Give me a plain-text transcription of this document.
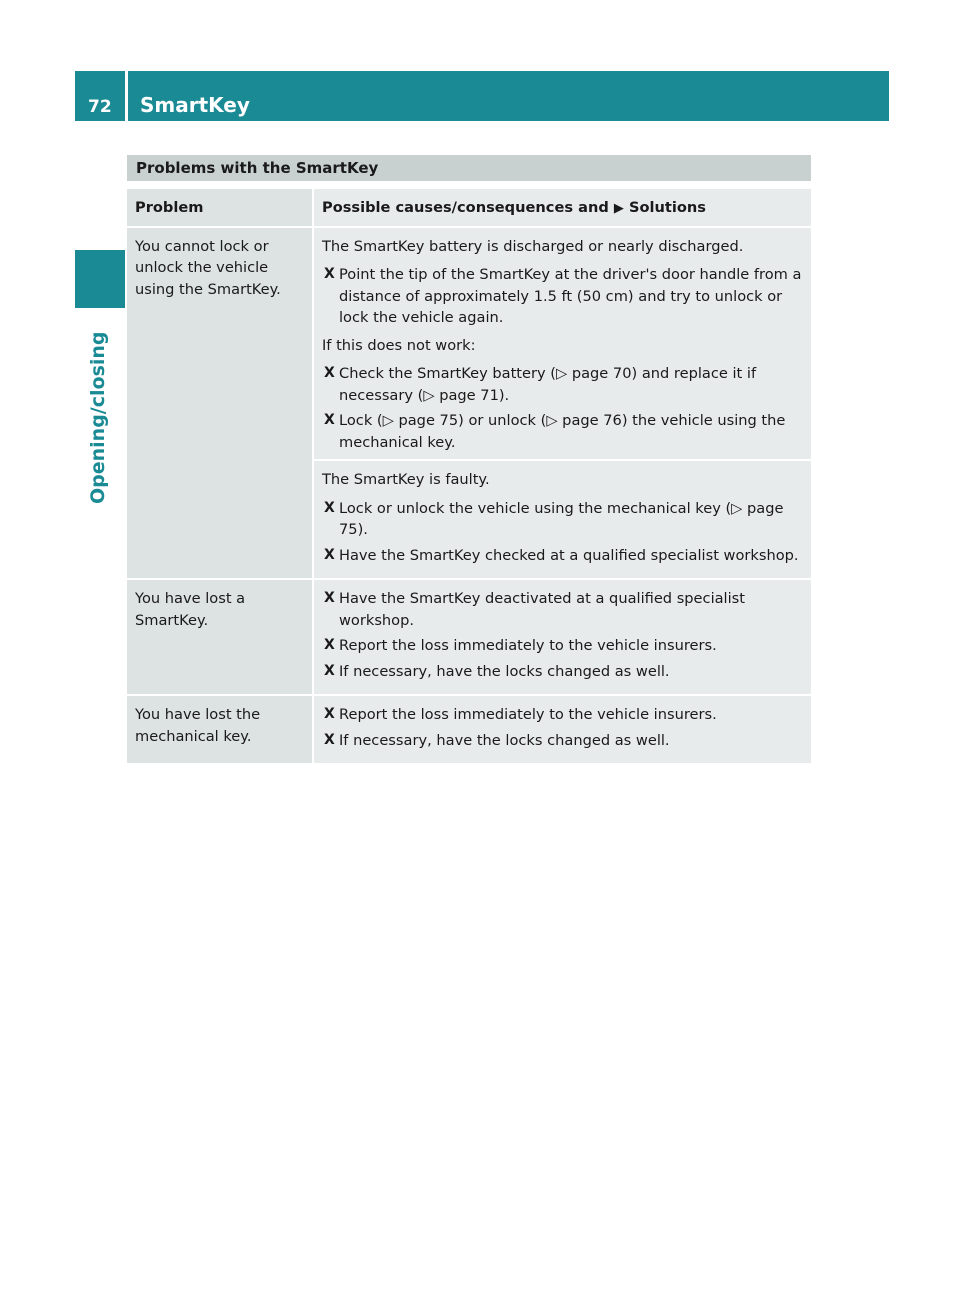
72	SmartKey
Opening/closing
Problems with the SmartKey
Problem	Possible causes/consequences and ▶ Solutions
You cannot lock or unlock the vehicle using the SmartKey.

The SmartKey battery is discharged or nearly discharged.

X Point the tip of the SmartKey at the driver's door handle from a distance of approximately 1.5 ft (50 cm) and try to unlock or lock the vehicle again.

If this does not work:

X Check the SmartKey battery (▷ page 70) and replace it if necessary (▷ page 71).
X Lock (▷ page 75) or unlock (▷ page 76) the vehicle using the mechanical key.

The SmartKey is faulty.

X Lock or unlock the vehicle using the mechanical key (▷ page 75).
X Have the SmartKey checked at a qualified specialist workshop.
You have lost a SmartKey.
X Have the SmartKey deactivated at a qualified specialist workshop.
X Report the loss immediately to the vehicle insurers.
X If necessary, have the locks changed as well.
You have lost the mechanical key.
X Report the loss immediately to the vehicle insurers.
X If necessary, have the locks changed as well.
